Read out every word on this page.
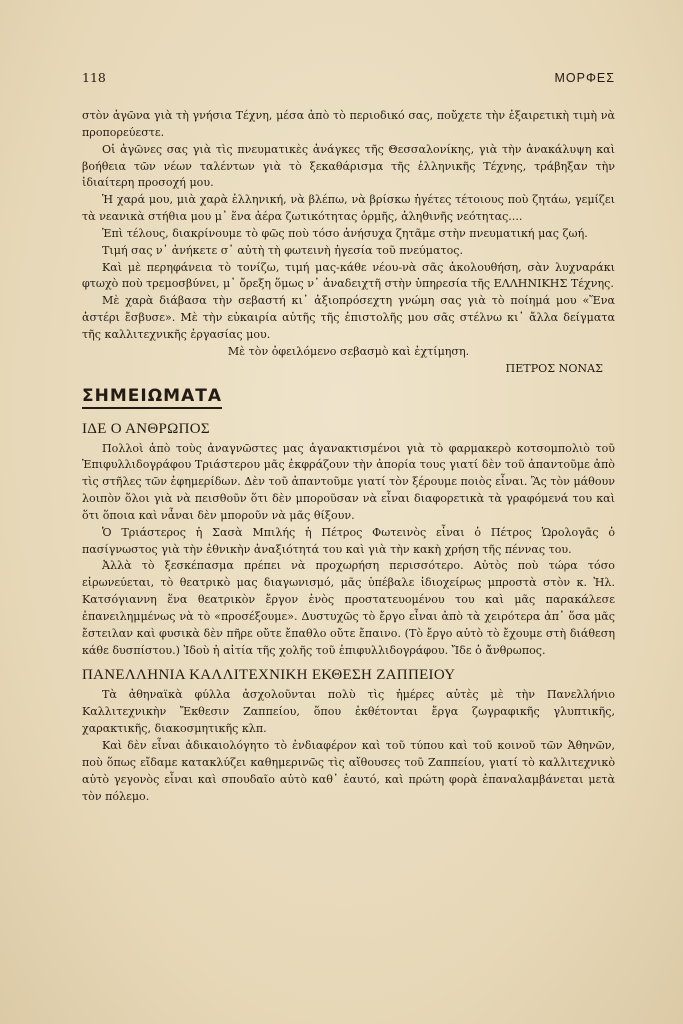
118	ΜΟΡΦΕΣ

στὸν ἀγῶνα γιὰ τὴ γνήσια Τέχνη, μέσα ἀπὸ τὸ περιοδικό σας, ποὔχετε τὴν ἐξαιρετικὴ τιμὴ νὰ προπορεύεστε.

Οἱ ἀγῶνες σας γιὰ τὶς πνευματικὲς ἀνάγκες τῆς Θεσσαλονίκης, γιὰ τὴν ἀνακάλυψη καὶ βοήθεια τῶν νέων ταλέντων γιὰ τὸ ξεκαθάρισμα τῆς ἑλληνικῆς Τέχνης, τράβηξαν τὴν ἰδιαίτερη προσοχή μου.

Ἡ χαρά μου, μιὰ χαρὰ ἑλληνική, νὰ βλέπω, νὰ βρίσκω ἡγέτες τέτοιους ποὺ ζητάω, γεμίζει τὰ νεανικὰ στήθια μου μ᾿ ἕνα ἀέρα ζωτικότητας ὁρμῆς, ἀληθινῆς νεότητας....

Ἐπὶ τέλους, διακρίνουμε τὸ φῶς ποὺ τόσο ἀνήσυχα ζητᾶμε στὴν πνευματική μας ζωή.

Τιμή σας ν᾿ ἀνήκετε σ᾿ αὐτὴ τὴ φωτεινὴ ἡγεσία τοῦ πνεύματος.

Καὶ μὲ περηφάνεια τὸ τονίζω, τιμή μας-κάθε νέου-νὰ σᾶς ἀκολουθήση, σὰν λυχναράκι φτωχὸ ποὺ τρεμοσβύνει, μ᾿ ὄρεξη ὅμως ν᾿ ἀναδειχτῆ στὴν ὑπηρεσία τῆς ΕΛΛΗΝΙΚΗΣ Τέχνης.

Μὲ χαρὰ διάβασα τὴν σεβαστή κι᾿ ἀξιοπρόσεχτη γνώμη σας γιὰ τὸ ποίημά μου «Ἕνα ἀστέρι ἔσβυσε». Μὲ τὴν εὐκαιρία αὐτῆς τῆς ἐπιστολῆς μου σᾶς στέλνω κι᾿ ἄλλα δείγματα τῆς καλλιτεχνικῆς ἐργασίας μου.

Μὲ τὸν ὀφειλόμενο σεβασμὸ καὶ ἐχτίμηση.

ΠΕΤΡΟΣ ΝΟΝΑΣ

ΣΗΜΕΙΩΜΑΤΑ
ΙΔΕ Ο ΑΝΘΡΩΠΟΣ

Πολλοὶ ἀπὸ τοὺς ἀναγνῶστες μας ἀγανακτισμένοι γιὰ τὸ φαρμακερὸ κοτσομπολιὸ τοῦ Ἐπιφυλλιδογράφου Τριάστερου μᾶς ἐκφράζουν τὴν ἀπορία τους γιατί δὲν τοῦ ἀπαντοῦμε ἀπὸ τὶς στῆλες τῶν ἐφημερίδων. Δὲν τοῦ ἀπαντοῦμε γιατί τὸν ξέρουμε ποιὸς εἶναι. Ἂς τὸν μάθουν λοιπὸν ὅλοι γιὰ νὰ πεισθοῦν ὅτι δὲν μποροῦσαν νὰ εἶναι διαφορετικὰ τὰ γραφόμενά του καὶ ὅτι ὅποια καὶ νἆναι δὲν μποροῦν νὰ μᾶς θίξουν.

Ὁ Τριάστερος ἡ Σασὰ Μπιλής ἡ Πέτρος Φωτεινὸς εἶναι ὁ Πέτρος Ὡρολογᾶς ὁ πασίγνωστος γιὰ τὴν ἐθνικὴν ἀναξιότητά του καὶ γιὰ τὴν κακὴ χρήση τῆς πέννας του.

Ἀλλὰ τὸ ξεσκέπασμα πρέπει νὰ προχωρήση περισσότερο. Αὐτὸς ποὺ τώρα τόσο εἰρωνεύεται, τὸ θεατρικὸ μας διαγωνισμό, μᾶς ὑπέβαλε ἰδιοχείρως μπροστὰ στὸν κ. Ἠλ. Κατσόγιαννη ἕνα θεατρικὸν ἔργον ἑνὸς προστατευομένου του καὶ μᾶς παρακάλεσε ἐπανειλημμένως νὰ τὸ «προσέξουμε». Δυστυχῶς τὸ ἔργο εἶναι ἀπὸ τὰ χειρότερα ἀπ᾿ ὅσα μᾶς ἔστειλαν καὶ φυσικὰ δὲν πῆρε οὔτε ἔπαθλο οὔτε ἔπαινο. (Τὸ ἔργο αὐτὸ τὸ ἔχουμε στὴ διάθεση κάθε δυσπίστου.) Ἰδοὺ ἡ αἰτία τῆς χολῆς τοῦ ἐπιφυλλιδογράφου. Ἴδε ὁ ἄνθρωπος.

ΠΑΝΕΛΛΗΝΙΑ ΚΑΛΛΙΤΕΧΝΙΚΗ ΕΚΘΕΣΗ ΖΑΠΠΕΙΟΥ

Τὰ ἀθηναϊκὰ φύλλα ἀσχολοῦνται πολὺ τὶς ἡμέρες αὐτὲς μὲ τὴν Πανελλήνιο Καλλιτεχνικὴν Ἔκθεσιν Ζαππείου, ὅπου ἐκθέτονται ἔργα ζωγραφικῆς γλυπτικῆς, χαρακτικῆς, διακοσμητικῆς κλπ.

Καὶ δὲν εἶναι ἀδικαιολόγητο τὸ ἐνδιαφέρον καὶ τοῦ τύπου καὶ τοῦ κοινοῦ τῶν Ἀθηνῶν, ποὺ ὅπως εἴδαμε κατακλύζει καθημερινῶς τὶς αἴθουσες τοῦ Ζαππείου, γιατί τὸ καλλιτεχνικὸ αὐτὸ γεγονὸς εἶναι καὶ σπουδαῖο αὐτὸ καθ᾿ ἑαυτό, καὶ πρώτη φορὰ ἐπαναλαμβάνεται μετὰ τὸν πόλεμο.
